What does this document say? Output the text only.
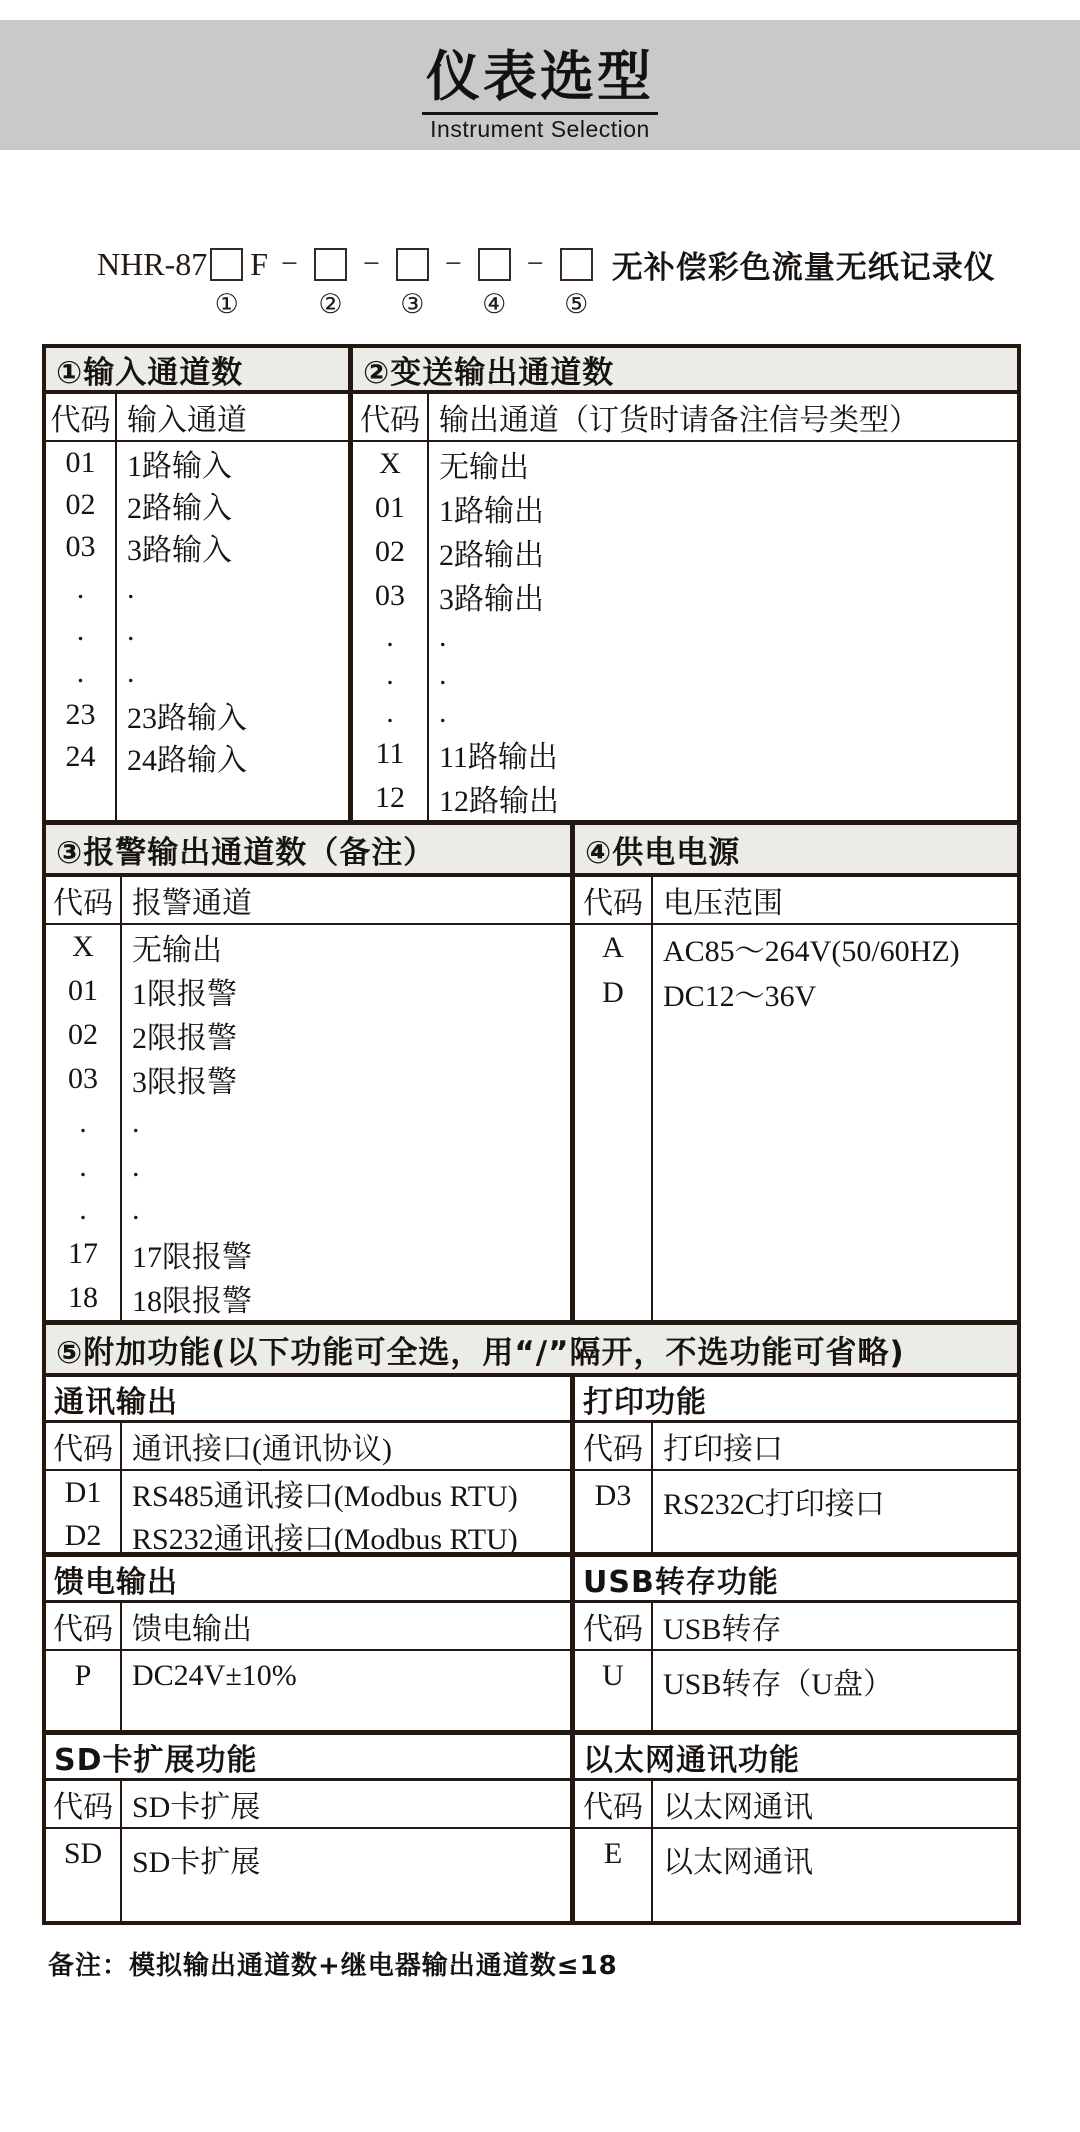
仪表选型
Instrument Selection
NHR-87
①
F −
②
−
③
−
④
−
⑤
无补偿彩色流量无纸记录仪
①输入通道数	②变送输出通道数
代码 输入通道
01	1路输入
02	2路输入
03	3路输入
.	.
.	.
.	.
23	23路输入
24	24路输入
代码 输出通道（订货时请备注信号类型）
X	无输出
01	1路输出
02	2路输出
03	3路输出
.	.
.	.
.	.
11	11路输出
12	12路输出
③报警输出通道数（备注）	④供电电源
代码 报警通道
X	无输出
01	1限报警
02	2限报警
03	3限报警
.	.
.	.
.	.
17	17限报警
18	18限报警
代码 电压范围
A	AC85～264V(50/60HZ)
D	DC12～36V
⑤附加功能(以下功能可全选，用“/”隔开，不选功能可省略)
通讯输出	打印功能
代码 通讯接口(通讯协议)
D1	RS485通讯接口(Modbus RTU)
D2	RS232通讯接口(Modbus RTU)
代码 打印接口
D3	RS232C打印接口
馈电输出	USB转存功能
代码 馈电输出
P	DC24V±10%
代码 USB转存
U	USB转存（U盘）
SD卡扩展功能	以太网通讯功能
代码 SD卡扩展
SD SD卡扩展
代码 以太网通讯
E	以太网通讯
备注：模拟输出通道数+继电器输出通道数≤18
